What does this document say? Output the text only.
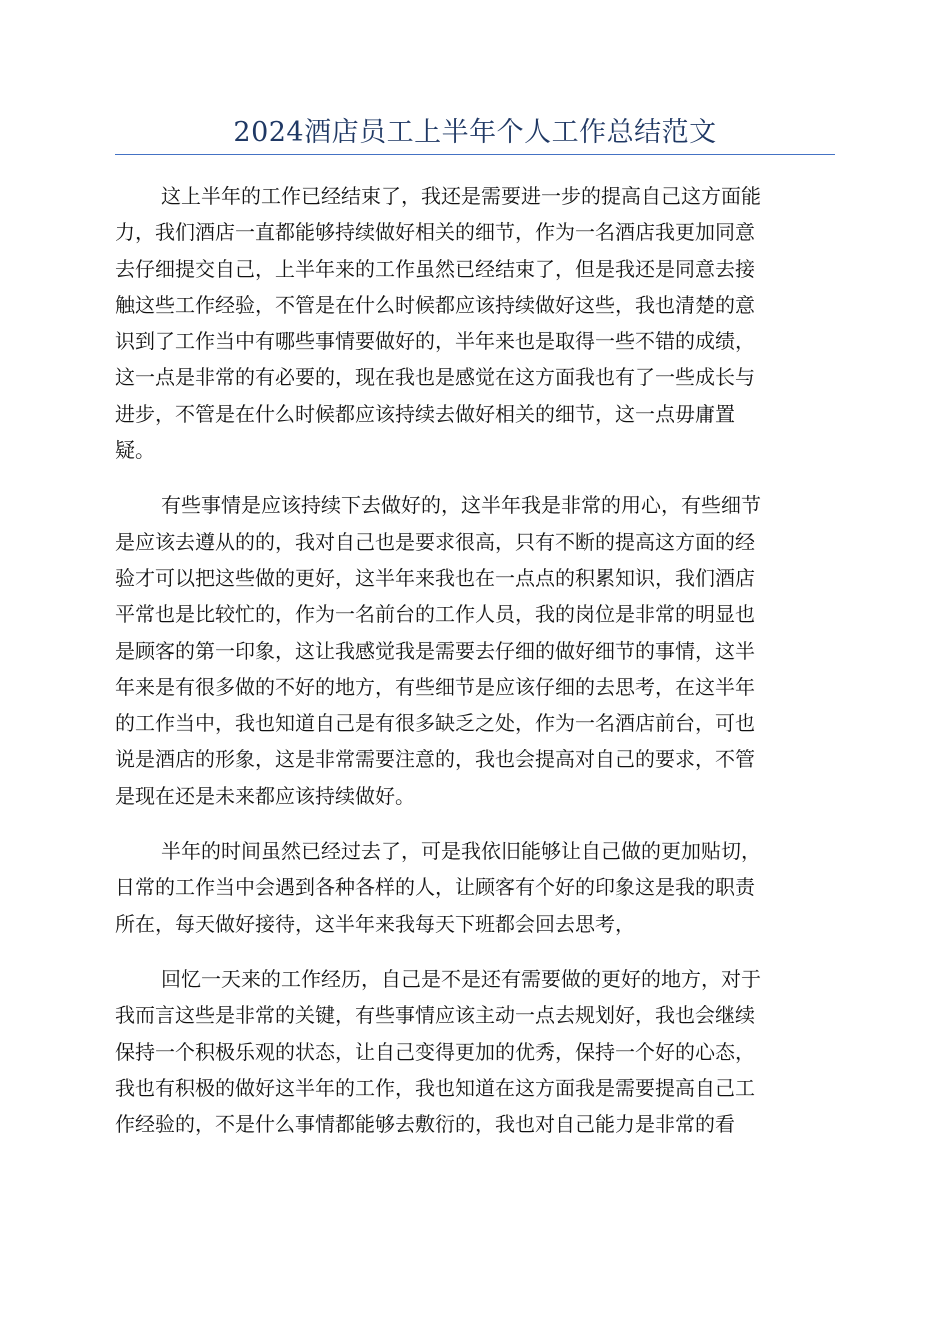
2024酒店员工上半年个人工作总结范文
这上半年的工作已经结束了，我还是需要进一步的提高自己这方面能
力，我们酒店一直都能够持续做好相关的细节，作为一名酒店我更加同意
去仔细提交自己，上半年来的工作虽然已经结束了，但是我还是同意去接
触这些工作经验，不管是在什么时候都应该持续做好这些，我也清楚的意
识到了工作当中有哪些事情要做好的，半年来也是取得一些不错的成绩，
这一点是非常的有必要的，现在我也是感觉在这方面我也有了一些成长与
进步，不管是在什么时候都应该持续去做好相关的细节，这一点毋庸置
疑。
有些事情是应该持续下去做好的，这半年我是非常的用心，有些细节
是应该去遵从的的，我对自己也是要求很高，只有不断的提高这方面的经
验才可以把这些做的更好，这半年来我也在一点点的积累知识，我们酒店
平常也是比较忙的，作为一名前台的工作人员，我的岗位是非常的明显也
是顾客的第一印象，这让我感觉我是需要去仔细的做好细节的事情，这半
年来是有很多做的不好的地方，有些细节是应该仔细的去思考，在这半年
的工作当中，我也知道自己是有很多缺乏之处，作为一名酒店前台，可也
说是酒店的形象，这是非常需要注意的，我也会提高对自己的要求，不管
是现在还是未来都应该持续做好。
半年的时间虽然已经过去了，可是我依旧能够让自己做的更加贴切，
日常的工作当中会遇到各种各样的人，让顾客有个好的印象这是我的职责
所在，每天做好接待，这半年来我每天下班都会回去思考，
回忆一天来的工作经历，自己是不是还有需要做的更好的地方，对于
我而言这些是非常的关键，有些事情应该主动一点去规划好，我也会继续
保持一个积极乐观的状态，让自己变得更加的优秀，保持一个好的心态，
我也有积极的做好这半年的工作，我也知道在这方面我是需要提高自己工
作经验的，不是什么事情都能够去敷衍的，我也对自己能力是非常的看
